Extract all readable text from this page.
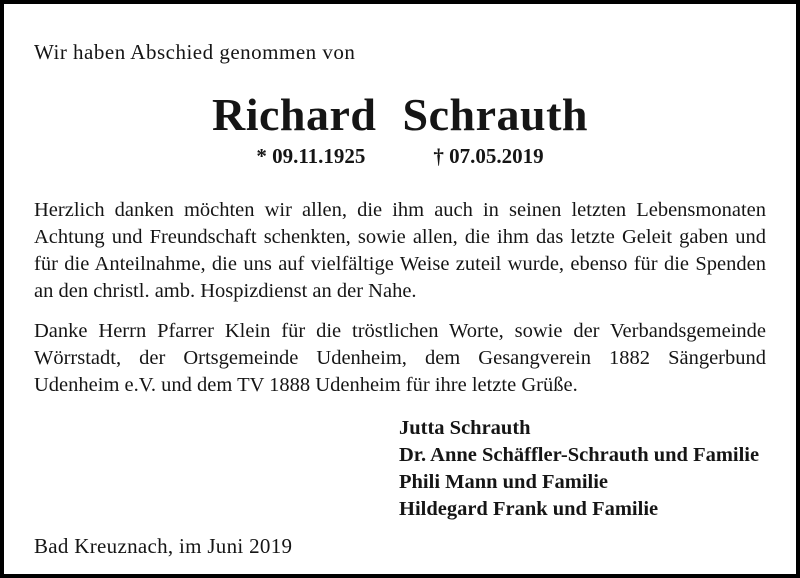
Wir haben Abschied genommen von
Richard Schrauth
* 09.11.1925	† 07.05.2019

Herzlich danken möchten wir allen, die ihm auch in seinen letzten Lebensmonaten Achtung und Freundschaft schenkten, sowie allen, die ihm das letzte Geleit gaben und für die Anteilnahme, die uns auf vielfältige Weise zuteil wurde, ebenso für die Spenden an den christl. amb. Hospizdienst an der Nahe.

Danke Herrn Pfarrer Klein für die tröstlichen Worte, sowie der Verbandsgemeinde Wörrstadt, der Ortsgemeinde Udenheim, dem Gesangverein 1882 Sängerbund Udenheim e.V. und dem TV 1888 Udenheim für ihre letzte Grüße.

Jutta Schrauth
Dr. Anne Schäffler-Schrauth und Familie
Phili Mann und Familie
Hildegard Frank und Familie
Bad Kreuznach, im Juni 2019
